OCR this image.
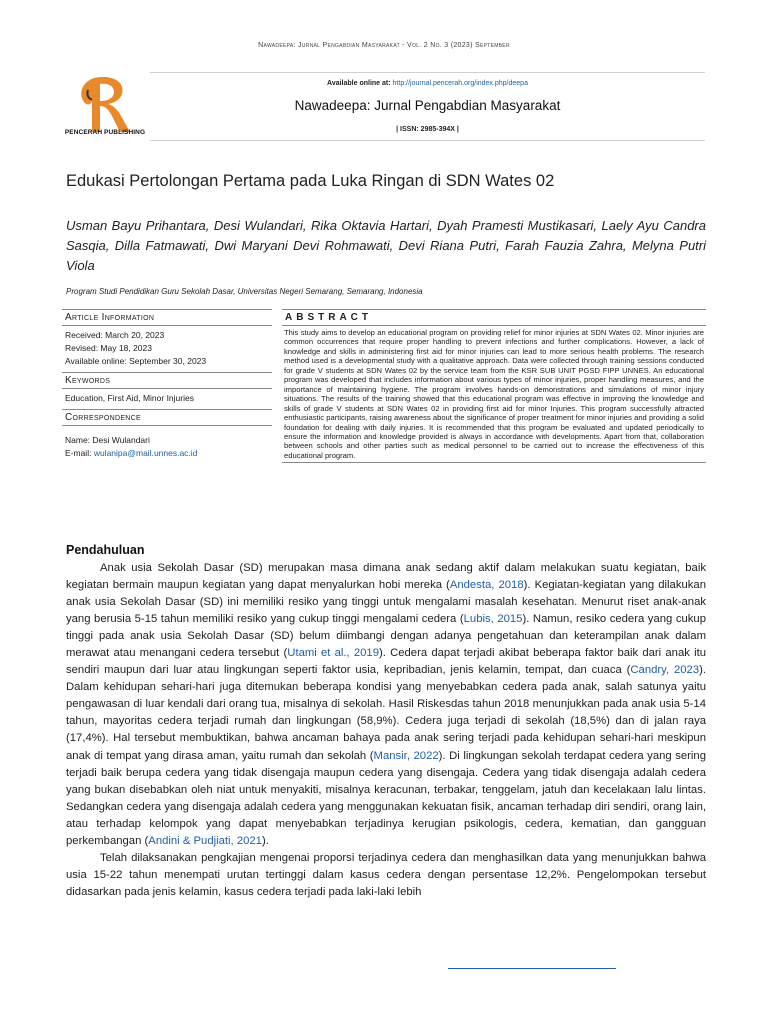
Nawadeepa: Jurnal Pengabdian Masyarakat - Vol. 2 No. 3 (2023) September
PENCERAH PUBLISHING
Available online at: http://journal.pencerah.org/index.php/deepa
Nawadeepa: Jurnal Pengabdian Masyarakat
| ISSN: 2985-394X |
Edukasi Pertolongan Pertama pada Luka Ringan di SDN Wates 02
Usman Bayu Prihantara, Desi Wulandari, Rika Oktavia Hartari, Dyah Pramesti Mustikasari, Laely Ayu Candra Sasqia, Dilla Fatmawati, Dwi Maryani Devi Rohmawati, Devi Riana Putri, Farah Fauzia Zahra, Melyna Putri Viola
Program Studi Pendidikan Guru Sekolah Dasar, Universitas Negeri Semarang, Semarang, Indonesia
Article Information
Received: March 20, 2023
Revised: May 18, 2023
Available online: September 30, 2023
Keywords
Education, First Aid, Minor Injuries
Correspondence
Name: Desi Wulandari
E-mail: wulanipa@mail.unnes.ac.id
ABSTRACT
This study aims to develop an educational program on providing relief for minor injuries at SDN Wates 02. Minor injuries are common occurrences that require proper handling to prevent infections and further complications. However, a lack of knowledge and skills in administering first aid for minor injuries can lead to more serious health problems. The research method used is a developmental study with a qualitative approach. Data were collected through training sessions conducted for grade V students at SDN Wates 02 by the service team from the KSR SUB UNIT PGSD FIPP UNNES. An educational program was developed that includes information about various types of minor injuries, proper handling measures, and the importance of maintaining hygiene. The program involves hands-on demonstrations and simulations of minor injury situations. The results of the training showed that this educational program was effective in improving the knowledge and skills of grade V students at SDN Wates 02 in providing first aid for minor Injuries. This program successfully attracted enthusiastic participants, raising awareness about the significance of proper treatment for minor injuries and providing a solid foundation for dealing with daily injuries. It is recommended that this program be evaluated and updated periodically to ensure the information and knowledge provided is always in accordance with developments. Apart from that, collaboration between schools and other parties such as medical personnel to be carried out to increase the effectiveness of this educational program.
Pendahuluan

Anak usia Sekolah Dasar (SD) merupakan masa dimana anak sedang aktif dalam melakukan suatu kegiatan, baik kegiatan bermain maupun kegiatan yang dapat menyalurkan hobi mereka (Andesta, 2018). Kegiatan-kegiatan yang dilakukan anak usia Sekolah Dasar (SD) ini memiliki resiko yang tinggi untuk mengalami masalah kesehatan. Menurut riset anak-anak yang berusia 5-15 tahun memiliki resiko yang cukup tinggi mengalami cedera (Lubis, 2015). Namun, resiko cedera yang cukup tinggi pada anak usia Sekolah Dasar (SD) belum diimbangi dengan adanya pengetahuan dan keterampilan anak dalam merawat atau menangani cedera tersebut (Utami et al., 2019). Cedera dapat terjadi akibat beberapa faktor baik dari anak itu sendiri maupun dari luar atau lingkungan seperti faktor usia, kepribadian, jenis kelamin, tempat, dan cuaca (Candry, 2023). Dalam kehidupan sehari-hari juga ditemukan beberapa kondisi yang menyebabkan cedera pada anak, salah satunya yaitu pengawasan di luar kendali dari orang tua, misalnya di sekolah. Hasil Riskesdas tahun 2018 menunjukkan pada anak usia 5-14 tahun, mayoritas cedera terjadi rumah dan lingkungan (58,9%). Cedera juga terjadi di sekolah (18,5%) dan di jalan raya (17,4%). Hal tersebut membuktikan, bahwa ancaman bahaya pada anak sering terjadi pada kehidupan sehari-hari meskipun anak di tempat yang dirasa aman, yaitu rumah dan sekolah (Mansir, 2022). Di lingkungan sekolah terdapat cedera yang sering terjadi baik berupa cedera yang tidak disengaja maupun cedera yang disengaja. Cedera yang tidak disengaja adalah cedera yang bukan disebabkan oleh niat untuk menyakiti, misalnya keracunan, terbakar, tenggelam, jatuh dan kecelakaan lalu lintas. Sedangkan cedera yang disengaja adalah cedera yang menggunakan kekuatan fisik, ancaman terhadap diri sendiri, orang lain, atau terhadap kelompok yang dapat menyebabkan terjadinya kerugian psikologis, cedera, kematian, dan gangguan perkembangan (Andini & Pudjiati, 2021).

Telah dilaksanakan pengkajian mengenai proporsi terjadinya cedera dan menghasilkan data yang menunjukkan bahwa usia 15-22 tahun menempati urutan tertinggi dalam kasus cedera dengan persentase 12,2%. Pengelompokan tersebut didasarkan pada jenis kelamin, kasus cedera terjadi pada laki-laki lebih
